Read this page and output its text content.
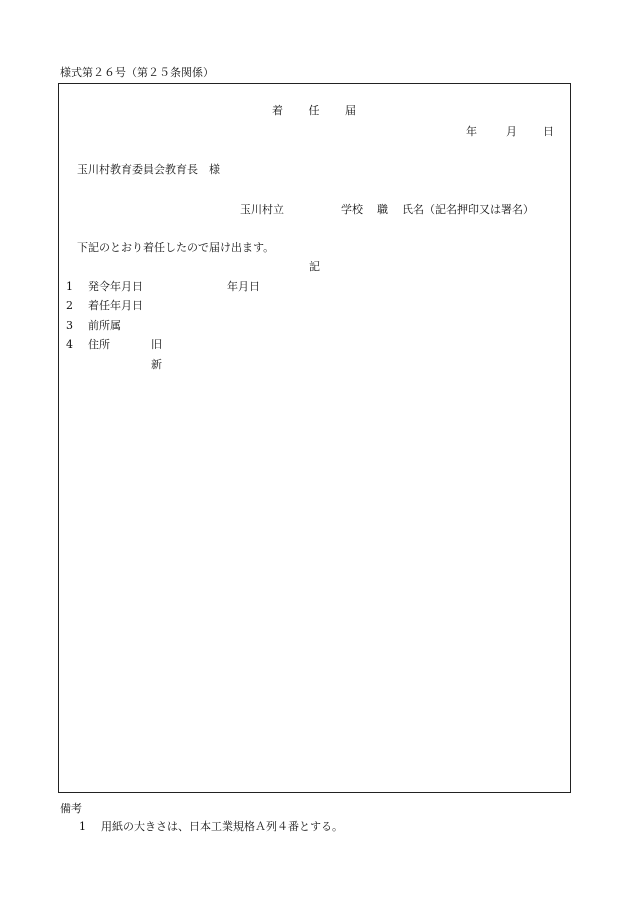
様式第２６号（第２５条関係）
着 任 届
年	月 日
玉川村教育委員会教育長　様
玉川村立	学校 職 氏名（記名押印又は署名）
下記のとおり着任したので届け出ます。
記
1 発令年月日	年月日
2 着任年月日
3 前所属
4 住所	旧
新
備考
1 用紙の大きさは、日本工業規格Ａ列４番とする。
